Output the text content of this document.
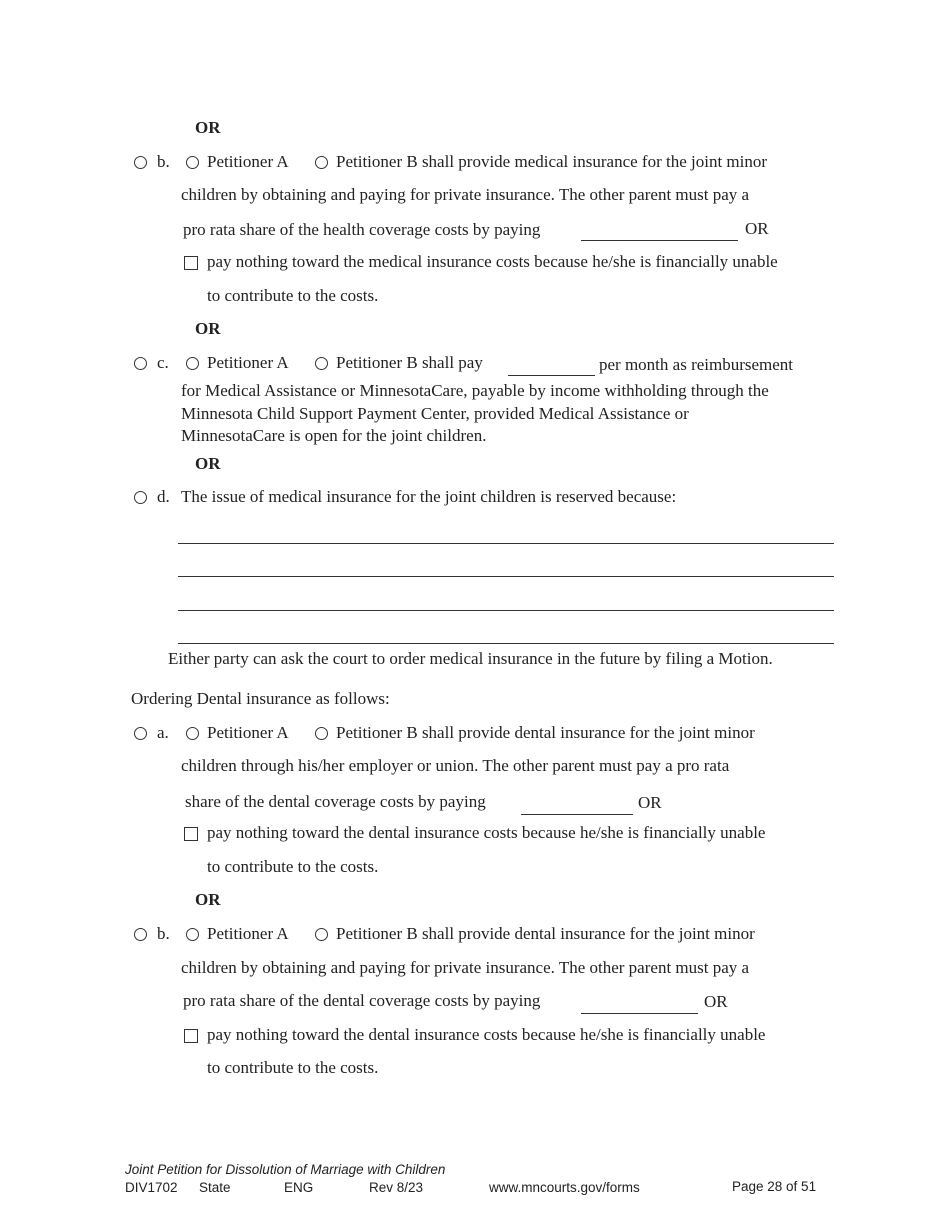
OR
b. Petitioner A	Petitioner B shall provide medical insurance for the joint minor
children by obtaining and paying for private insurance. The other parent must pay a
pro rata share of the health coverage costs by paying	OR
pay nothing toward the medical insurance costs because he/she is financially unable
to contribute to the costs.
OR
c. Petitioner A	Petitioner B shall pay	per month as reimbursement
for Medical Assistance or MinnesotaCare, payable by income withholding through the
Minnesota Child Support Payment Center, provided Medical Assistance or
MinnesotaCare is open for the joint children.
OR
d. The issue of medical insurance for the joint children is reserved because:
Either party can ask the court to order medical insurance in the future by filing a Motion.
Ordering Dental insurance as follows:
a. Petitioner A	Petitioner B shall provide dental insurance for the joint minor
children through his/her employer or union. The other parent must pay a pro rata
share of the dental coverage costs by paying	OR
pay nothing toward the dental insurance costs because he/she is financially unable
to contribute to the costs.
OR
b. Petitioner A	Petitioner B shall provide dental insurance for the joint minor
children by obtaining and paying for private insurance. The other parent must pay a
pro rata share of the dental coverage costs by paying	OR
pay nothing toward the dental insurance costs because he/she is financially unable
to contribute to the costs.
Joint Petition for Dissolution of Marriage with Children
DIV1702 State	ENG	Rev 8/23	www.mncourts.gov/forms	Page 28 of 51
